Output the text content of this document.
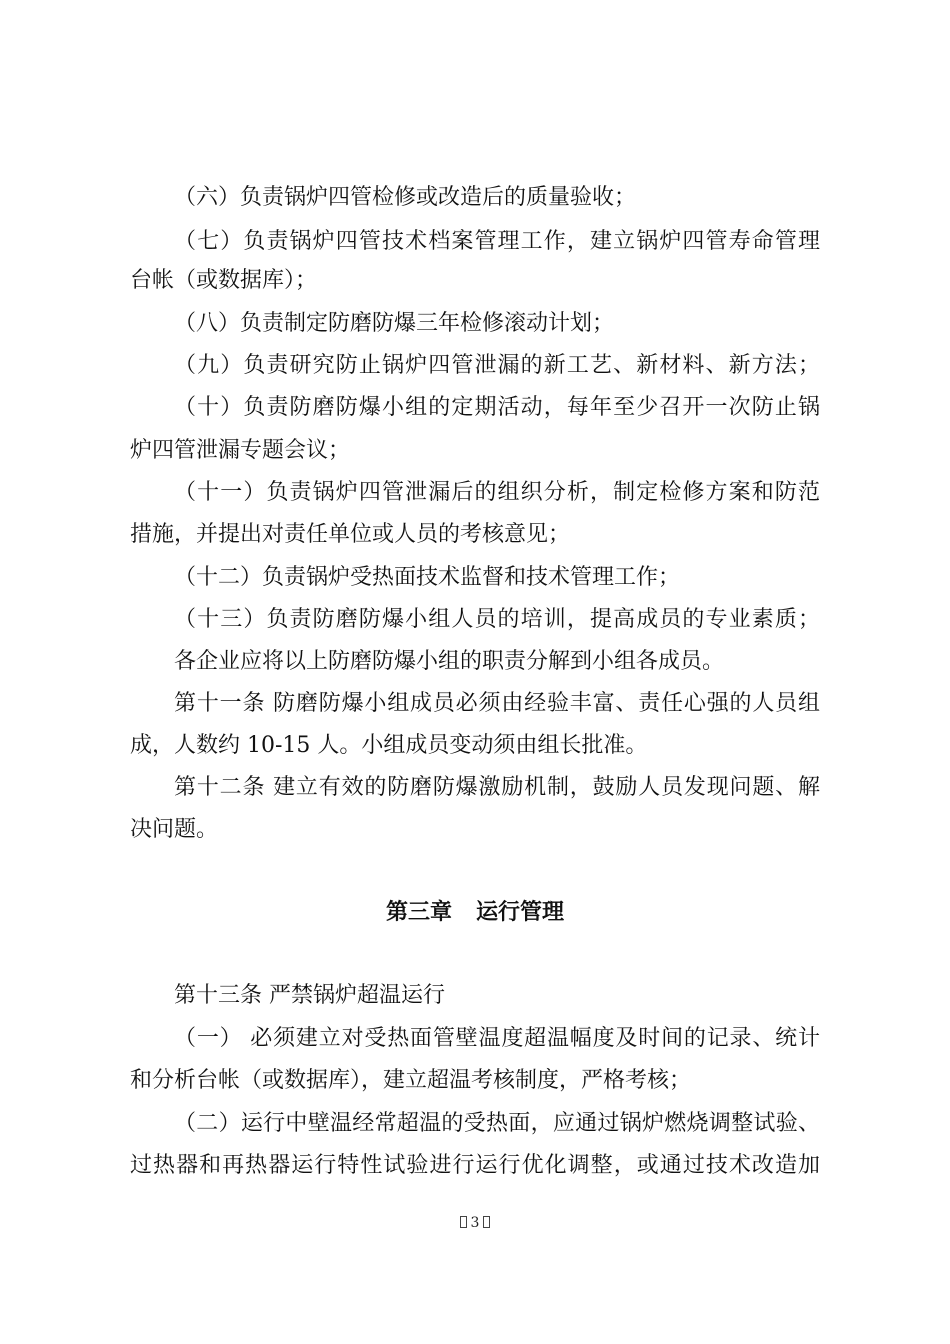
（六）负责锅炉四管检修或改造后的质量验收；
（七）负责锅炉四管技术档案管理工作，建立锅炉四管寿命管理
台帐（或数据库）；
（八）负责制定防磨防爆三年检修滚动计划；
（九）负责研究防止锅炉四管泄漏的新工艺、新材料、新方法；
（十）负责防磨防爆小组的定期活动，每年至少召开一次防止锅
炉四管泄漏专题会议；
（十一）负责锅炉四管泄漏后的组织分析，制定检修方案和防范
措施，并提出对责任单位或人员的考核意见；
（十二）负责锅炉受热面技术监督和技术管理工作；
（十三）负责防磨防爆小组人员的培训，提高成员的专业素质；
各企业应将以上防磨防爆小组的职责分解到小组各成员。
第十一条 防磨防爆小组成员必须由经验丰富、责任心强的人员组
成，人数约 10-15 人。小组成员变动须由组长批准。
第十二条 建立有效的防磨防爆激励机制，鼓励人员发现问题、解
决问题。
第三章 运行管理
第十三条 严禁锅炉超温运行
（一） 必须建立对受热面管壁温度超温幅度及时间的记录、统计
和分析台帐（或数据库），建立超温考核制度，严格考核；
（二）运行中壁温经常超温的受热面，应通过锅炉燃烧调整试验、
过热器和再热器运行特性试验进行运行优化调整，或通过技术改造加
3
